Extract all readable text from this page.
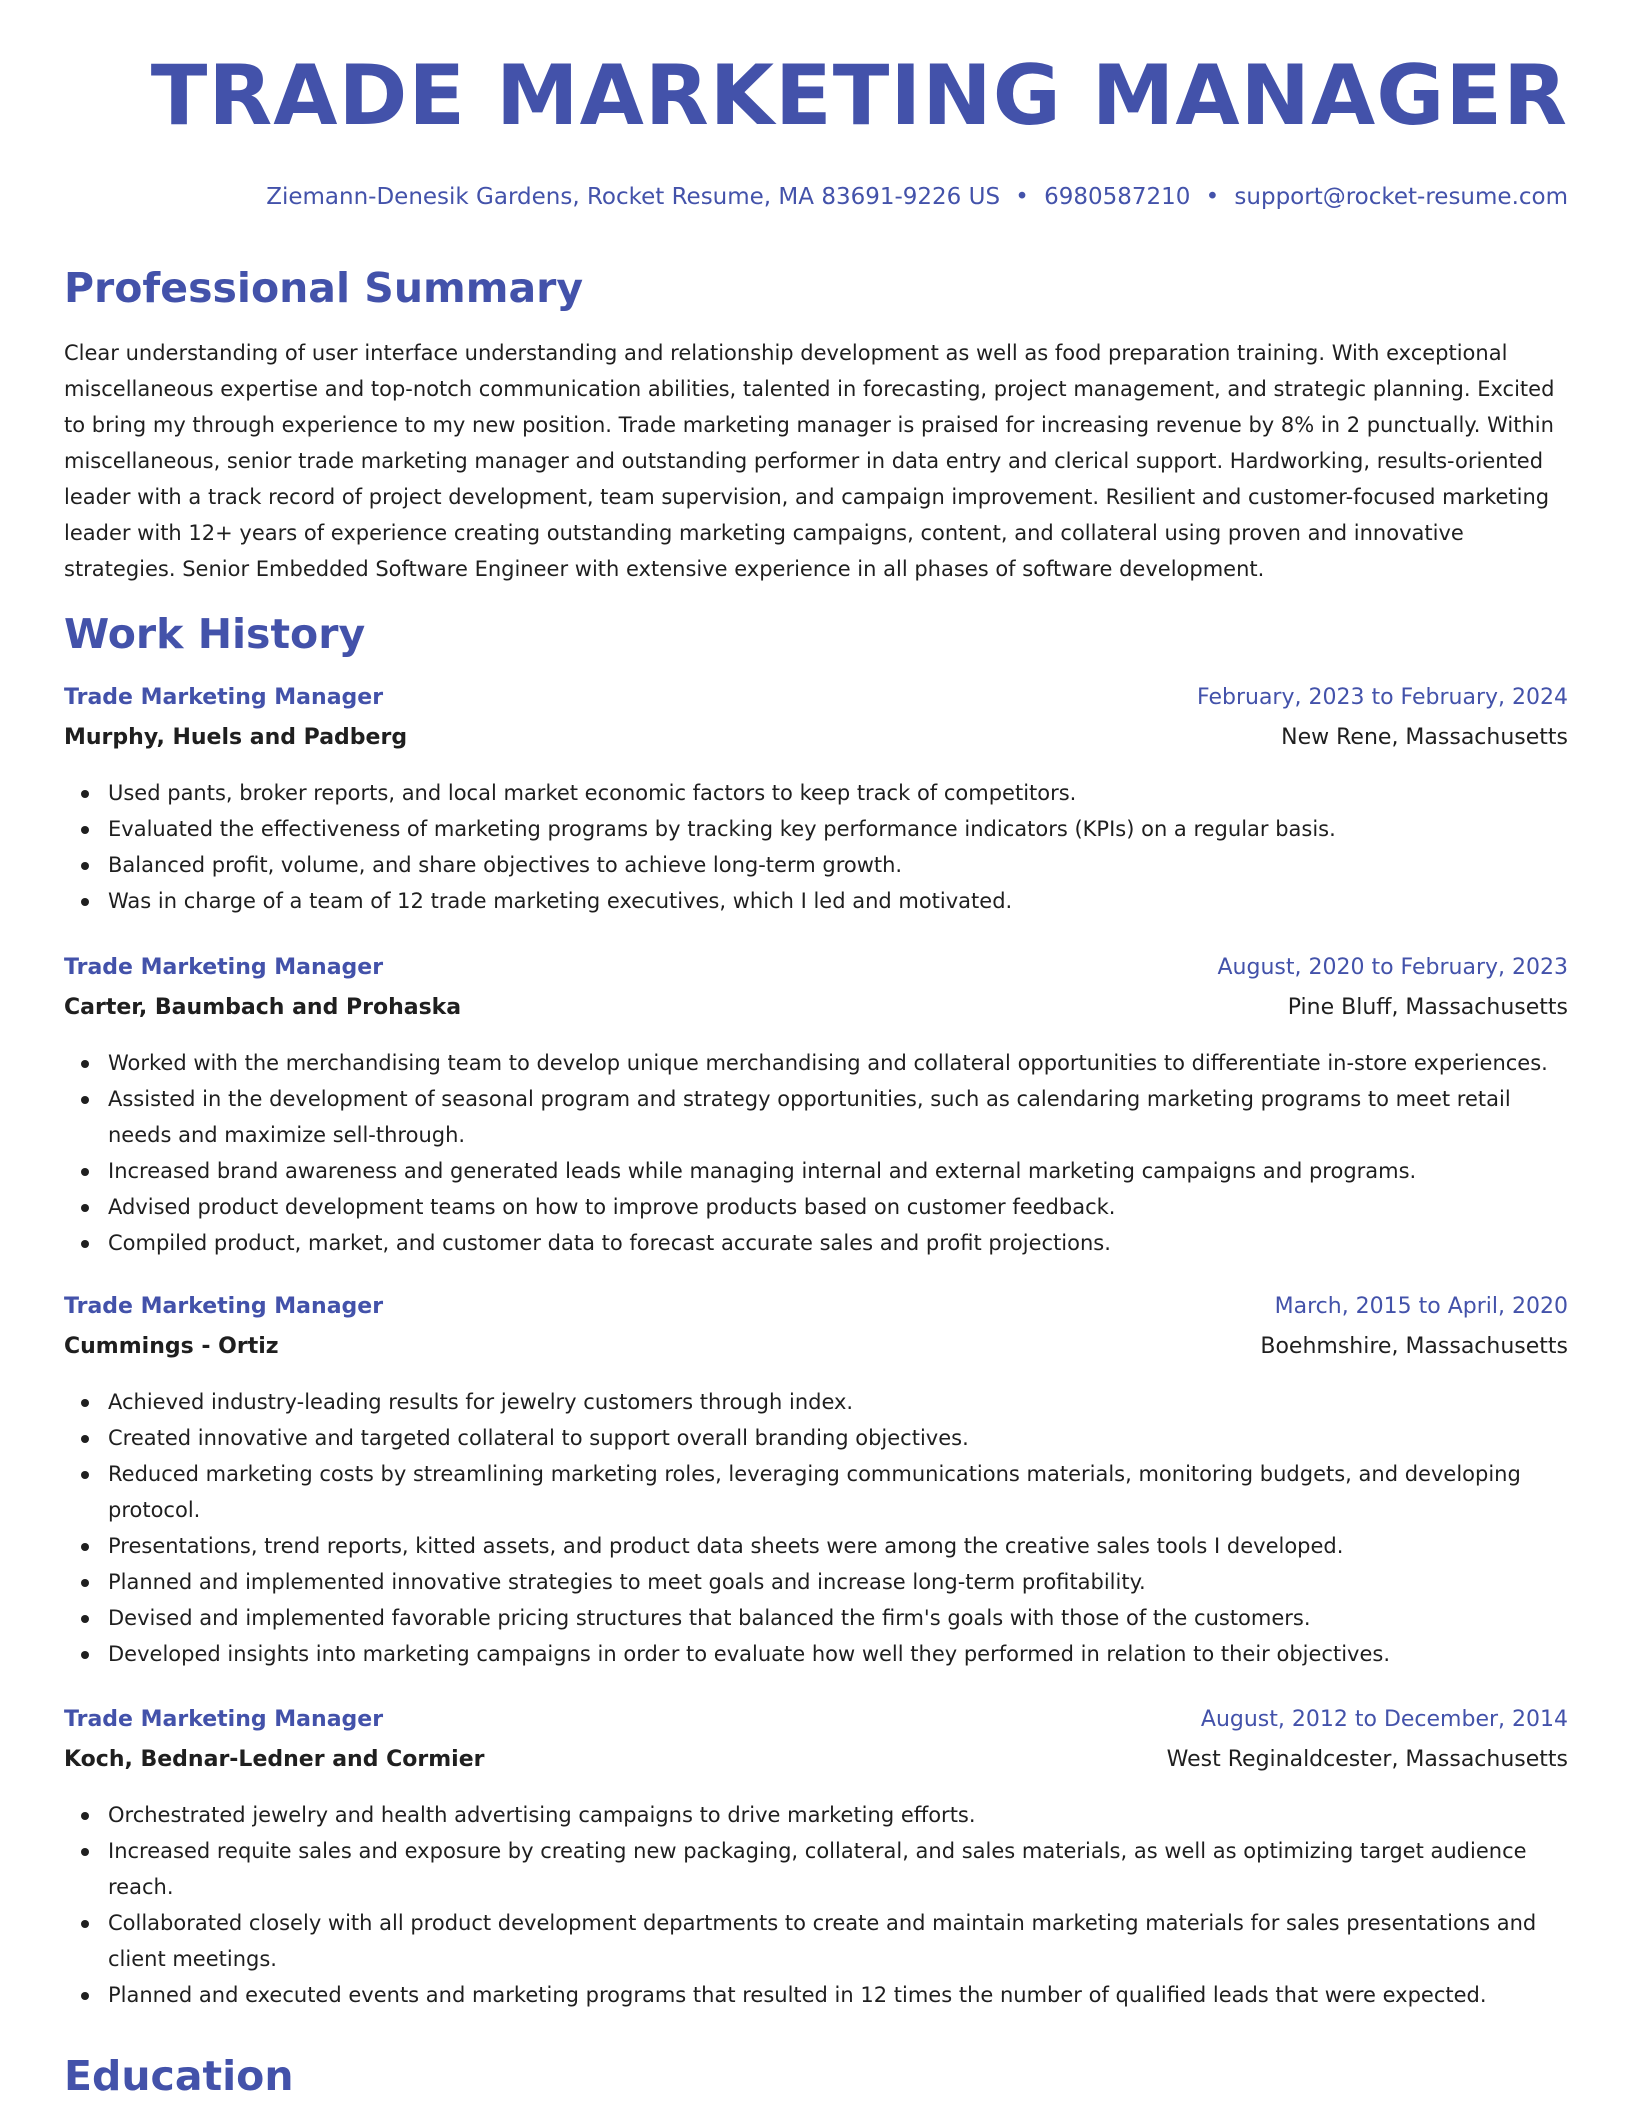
TRADE MARKETING MANAGER
Ziemann-Denesik Gardens, Rocket Resume, MA 83691-9226 US • 6980587210 • support@rocket-resume.com
Professional Summary

Clear understanding of user interface understanding and relationship development as well as food preparation training. With exceptional miscellaneous expertise and top-notch communication abilities, talented in forecasting, project management, and strategic planning. Excited to bring my through experience to my new position. Trade marketing manager is praised for increasing revenue by 8% in 2 punctually. Within miscellaneous, senior trade marketing manager and outstanding performer in data entry and clerical support. Hardworking, results-oriented leader with a track record of project development, team supervision, and campaign improvement. Resilient and customer-focused marketing leader with 12+ years of experience creating outstanding marketing campaigns, content, and collateral using proven and innovative strategies. Senior Embedded Software Engineer with extensive experience in all phases of software development.

Work History
Trade Marketing Manager	February, 2023 to February, 2024
Murphy, Huels and Padberg	New Rene, Massachusetts
Used pants, broker reports, and local market economic factors to keep track of competitors.
Evaluated the effectiveness of marketing programs by tracking key performance indicators (KPIs) on a regular basis.
Balanced profit, volume, and share objectives to achieve long-term growth.
Was in charge of a team of 12 trade marketing executives, which I led and motivated.
Trade Marketing Manager	August, 2020 to February, 2023
Carter, Baumbach and Prohaska	Pine Bluff, Massachusetts
Worked with the merchandising team to develop unique merchandising and collateral opportunities to differentiate in-store experiences.
Assisted in the development of seasonal program and strategy opportunities, such as calendaring marketing programs to meet retail needs and maximize sell-through.
Increased brand awareness and generated leads while managing internal and external marketing campaigns and programs.
Advised product development teams on how to improve products based on customer feedback.
Compiled product, market, and customer data to forecast accurate sales and profit projections.
Trade Marketing Manager	March, 2015 to April, 2020
Cummings - Ortiz	Boehmshire, Massachusetts
Achieved industry-leading results for jewelry customers through index.
Created innovative and targeted collateral to support overall branding objectives.
Reduced marketing costs by streamlining marketing roles, leveraging communications materials, monitoring budgets, and developing protocol.
Presentations, trend reports, kitted assets, and product data sheets were among the creative sales tools I developed.
Planned and implemented innovative strategies to meet goals and increase long-term profitability.
Devised and implemented favorable pricing structures that balanced the firm's goals with those of the customers.
Developed insights into marketing campaigns in order to evaluate how well they performed in relation to their objectives.
Trade Marketing Manager	August, 2012 to December, 2014
Koch, Bednar-Ledner and Cormier	West Reginaldcester, Massachusetts
Orchestrated jewelry and health advertising campaigns to drive marketing efforts.
Increased requite sales and exposure by creating new packaging, collateral, and sales materials, as well as optimizing target audience reach.
Collaborated closely with all product development departments to create and maintain marketing materials for sales presentations and client meetings.
Planned and executed events and marketing programs that resulted in 12 times the number of qualified leads that were expected.
Education
